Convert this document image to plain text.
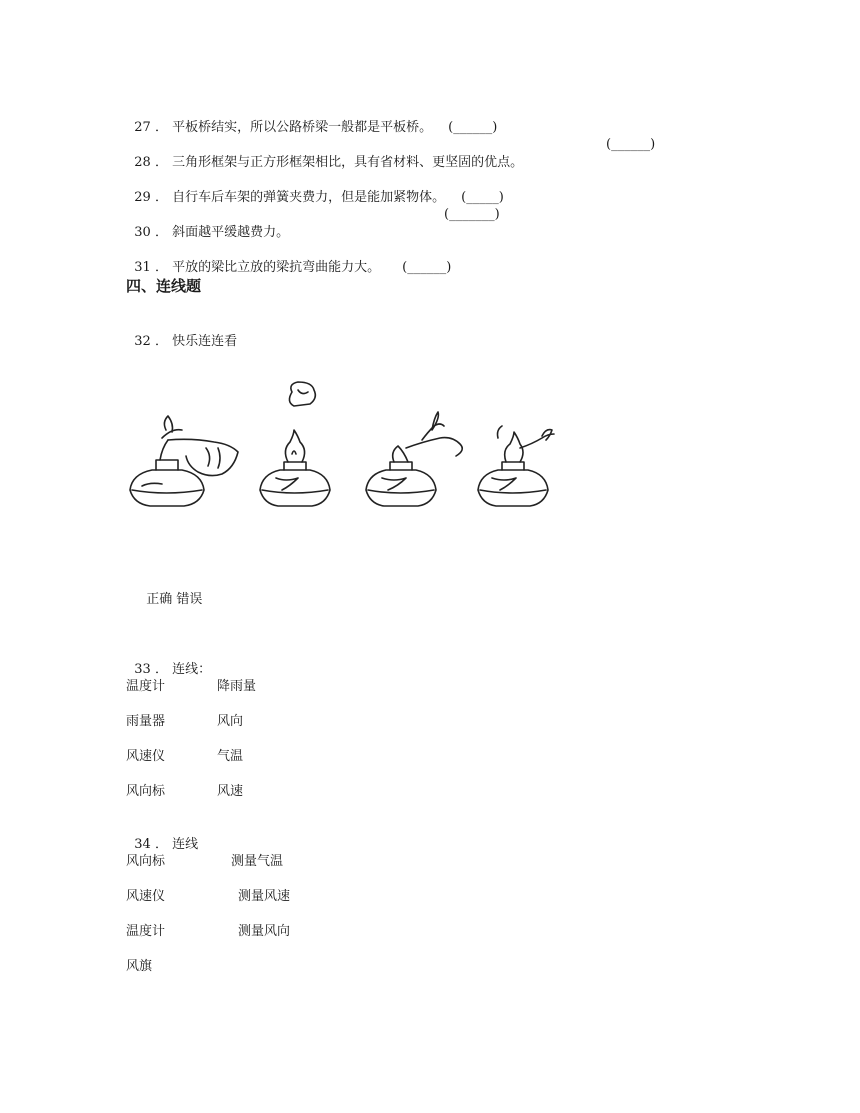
27 ． 平板桥结实，所以公路桥梁一般都是平板桥。 (______)

28 ． 三角形框架与正方形框架相比，具有省材料、更坚固的优点。

(______)

29 ． 自行车后车架的弹簧夹费力，但是能加紧物体。 (_____)

30 ． 斜面越平缓越费力。

(_______)

31 ． 平放的梁比立放的梁抗弯曲能力大。 (______)

四、连线题

32 ． 快乐连连看

正确 错误

33 ． 连线：

温度计	降雨量
雨量器	风向
风速仪	气温
风向标	风速

34 ． 连线

风向标	测量气温
风速仪	测量风速
温度计	测量风向
风旗
